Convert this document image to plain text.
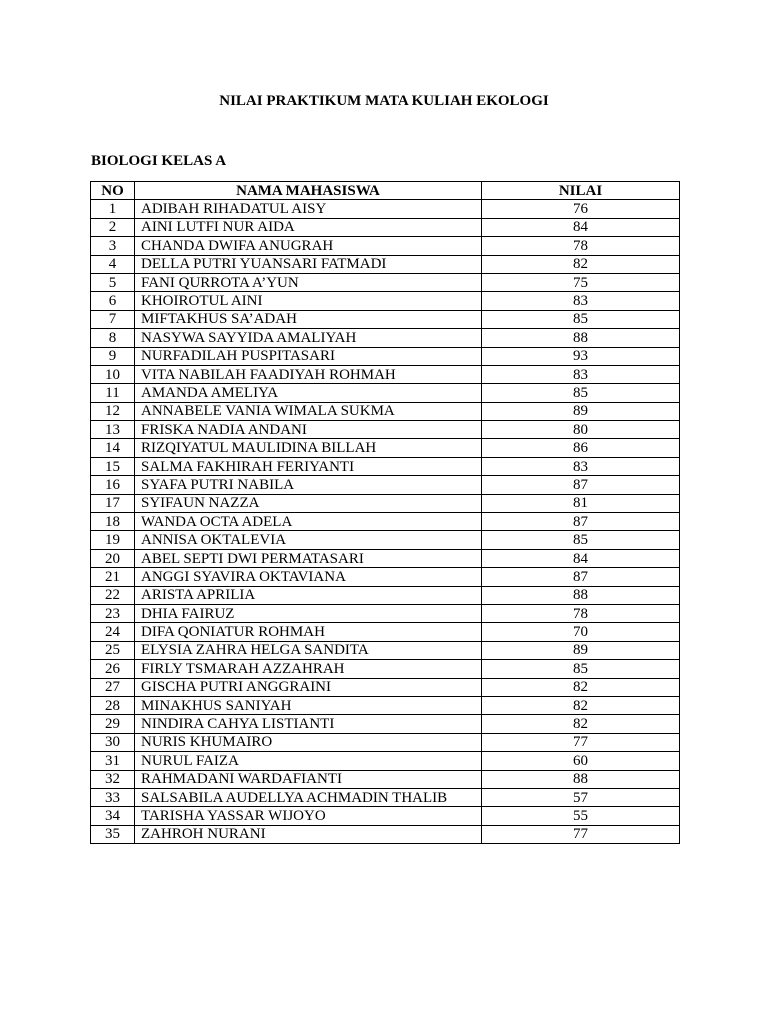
NILAI PRAKTIKUM MATA KULIAH EKOLOGI
BIOLOGI KELAS A
NO	NAMA MAHASISWA	NILAI
1	ADIBAH RIHADATUL AISY	76
2	AINI LUTFI NUR AIDA	84
3	CHANDA DWIFA ANUGRAH	78
4	DELLA PUTRI YUANSARI FATMADI	82
5	FANI QURROTA A’YUN	75
6	KHOIROTUL AINI	83
7	MIFTAKHUS SA’ADAH	85
8	NASYWA SAYYIDA AMALIYAH	88
9	NURFADILAH PUSPITASARI	93
10	VITA NABILAH FAADIYAH ROHMAH	83
11	AMANDA AMELIYA	85
12	ANNABELE VANIA WIMALA SUKMA	89
13	FRISKA NADIA ANDANI	80
14	RIZQIYATUL MAULIDINA BILLAH	86
15	SALMA FAKHIRAH FERIYANTI	83
16	SYAFA PUTRI NABILA	87
17	SYIFAUN NAZZA	81
18	WANDA OCTA ADELA	87
19	ANNISA OKTALEVIA	85
20	ABEL SEPTI DWI PERMATASARI	84
21	ANGGI SYAVIRA OKTAVIANA	87
22	ARISTA APRILIA	88
23	DHIA FAIRUZ	78
24	DIFA QONIATUR ROHMAH	70
25	ELYSIA ZAHRA HELGA SANDITA	89
26	FIRLY TSMARAH AZZAHRAH	85
27	GISCHA PUTRI ANGGRAINI	82
28	MINAKHUS SANIYAH	82
29	NINDIRA CAHYA LISTIANTI	82
30	NURIS KHUMAIRO	77
31	NURUL FAIZA	60
32	RAHMADANI WARDAFIANTI	88
33	SALSABILA AUDELLYA ACHMADIN THALIB	57
34	TARISHA YASSAR WIJOYO	55
35	ZAHROH NURANI	77
